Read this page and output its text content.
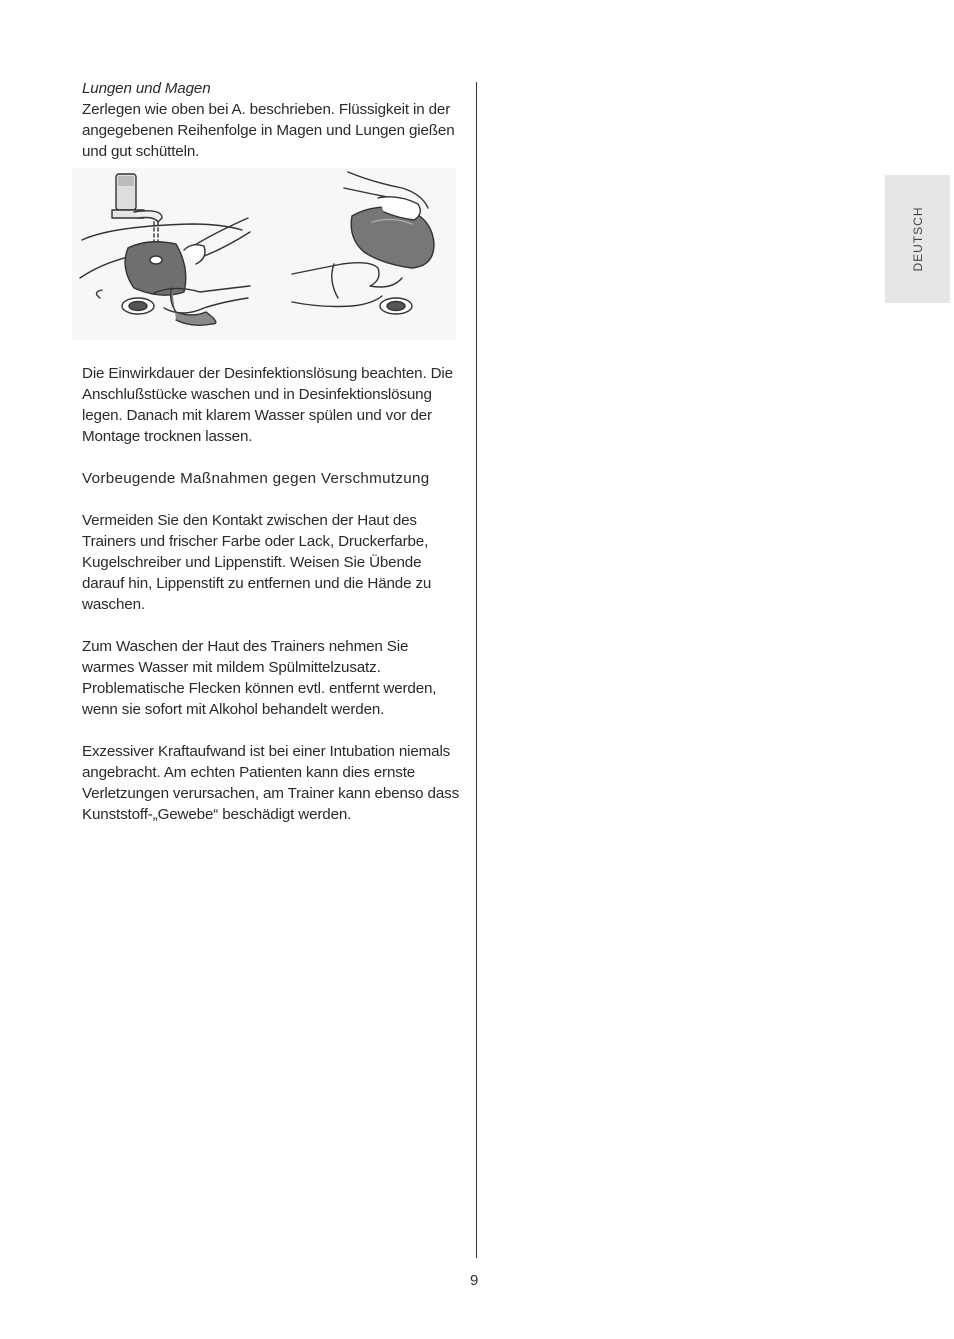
Lungen und Magen

Zerlegen wie oben bei A. beschrieben. Flüssigkeit in der angegebenen Reihenfolge in Magen und Lungen gießen und gut schütteln.

Die Einwirkdauer der Desinfektionslösung beachten. Die Anschlußstücke waschen und in Desinfektionslösung legen. Danach mit klarem Wasser spülen und vor der Montage trocknen lassen.

Vorbeugende Maßnahmen gegen Verschmutzung

Vermeiden Sie den Kontakt zwischen der Haut des Trainers und frischer Farbe oder Lack, Druckerfarbe, Kugelschreiber und Lippenstift. Weisen Sie Übende darauf hin, Lippenstift zu entfernen und die Hände zu waschen.

Zum Waschen der Haut des Trainers nehmen Sie warmes Wasser mit mildem Spülmittelzusatz. Problematische Flecken können evtl. entfernt werden, wenn sie sofort mit Alkohol behandelt werden.

Exzessiver Kraftaufwand ist bei einer Intubation niemals angebracht. Am echten Patienten kann dies ernste Verletzungen verursachen, am Trainer kann ebenso dass Kunststoff-„Gewebe“ beschädigt werden.

DEUTSCH
9
